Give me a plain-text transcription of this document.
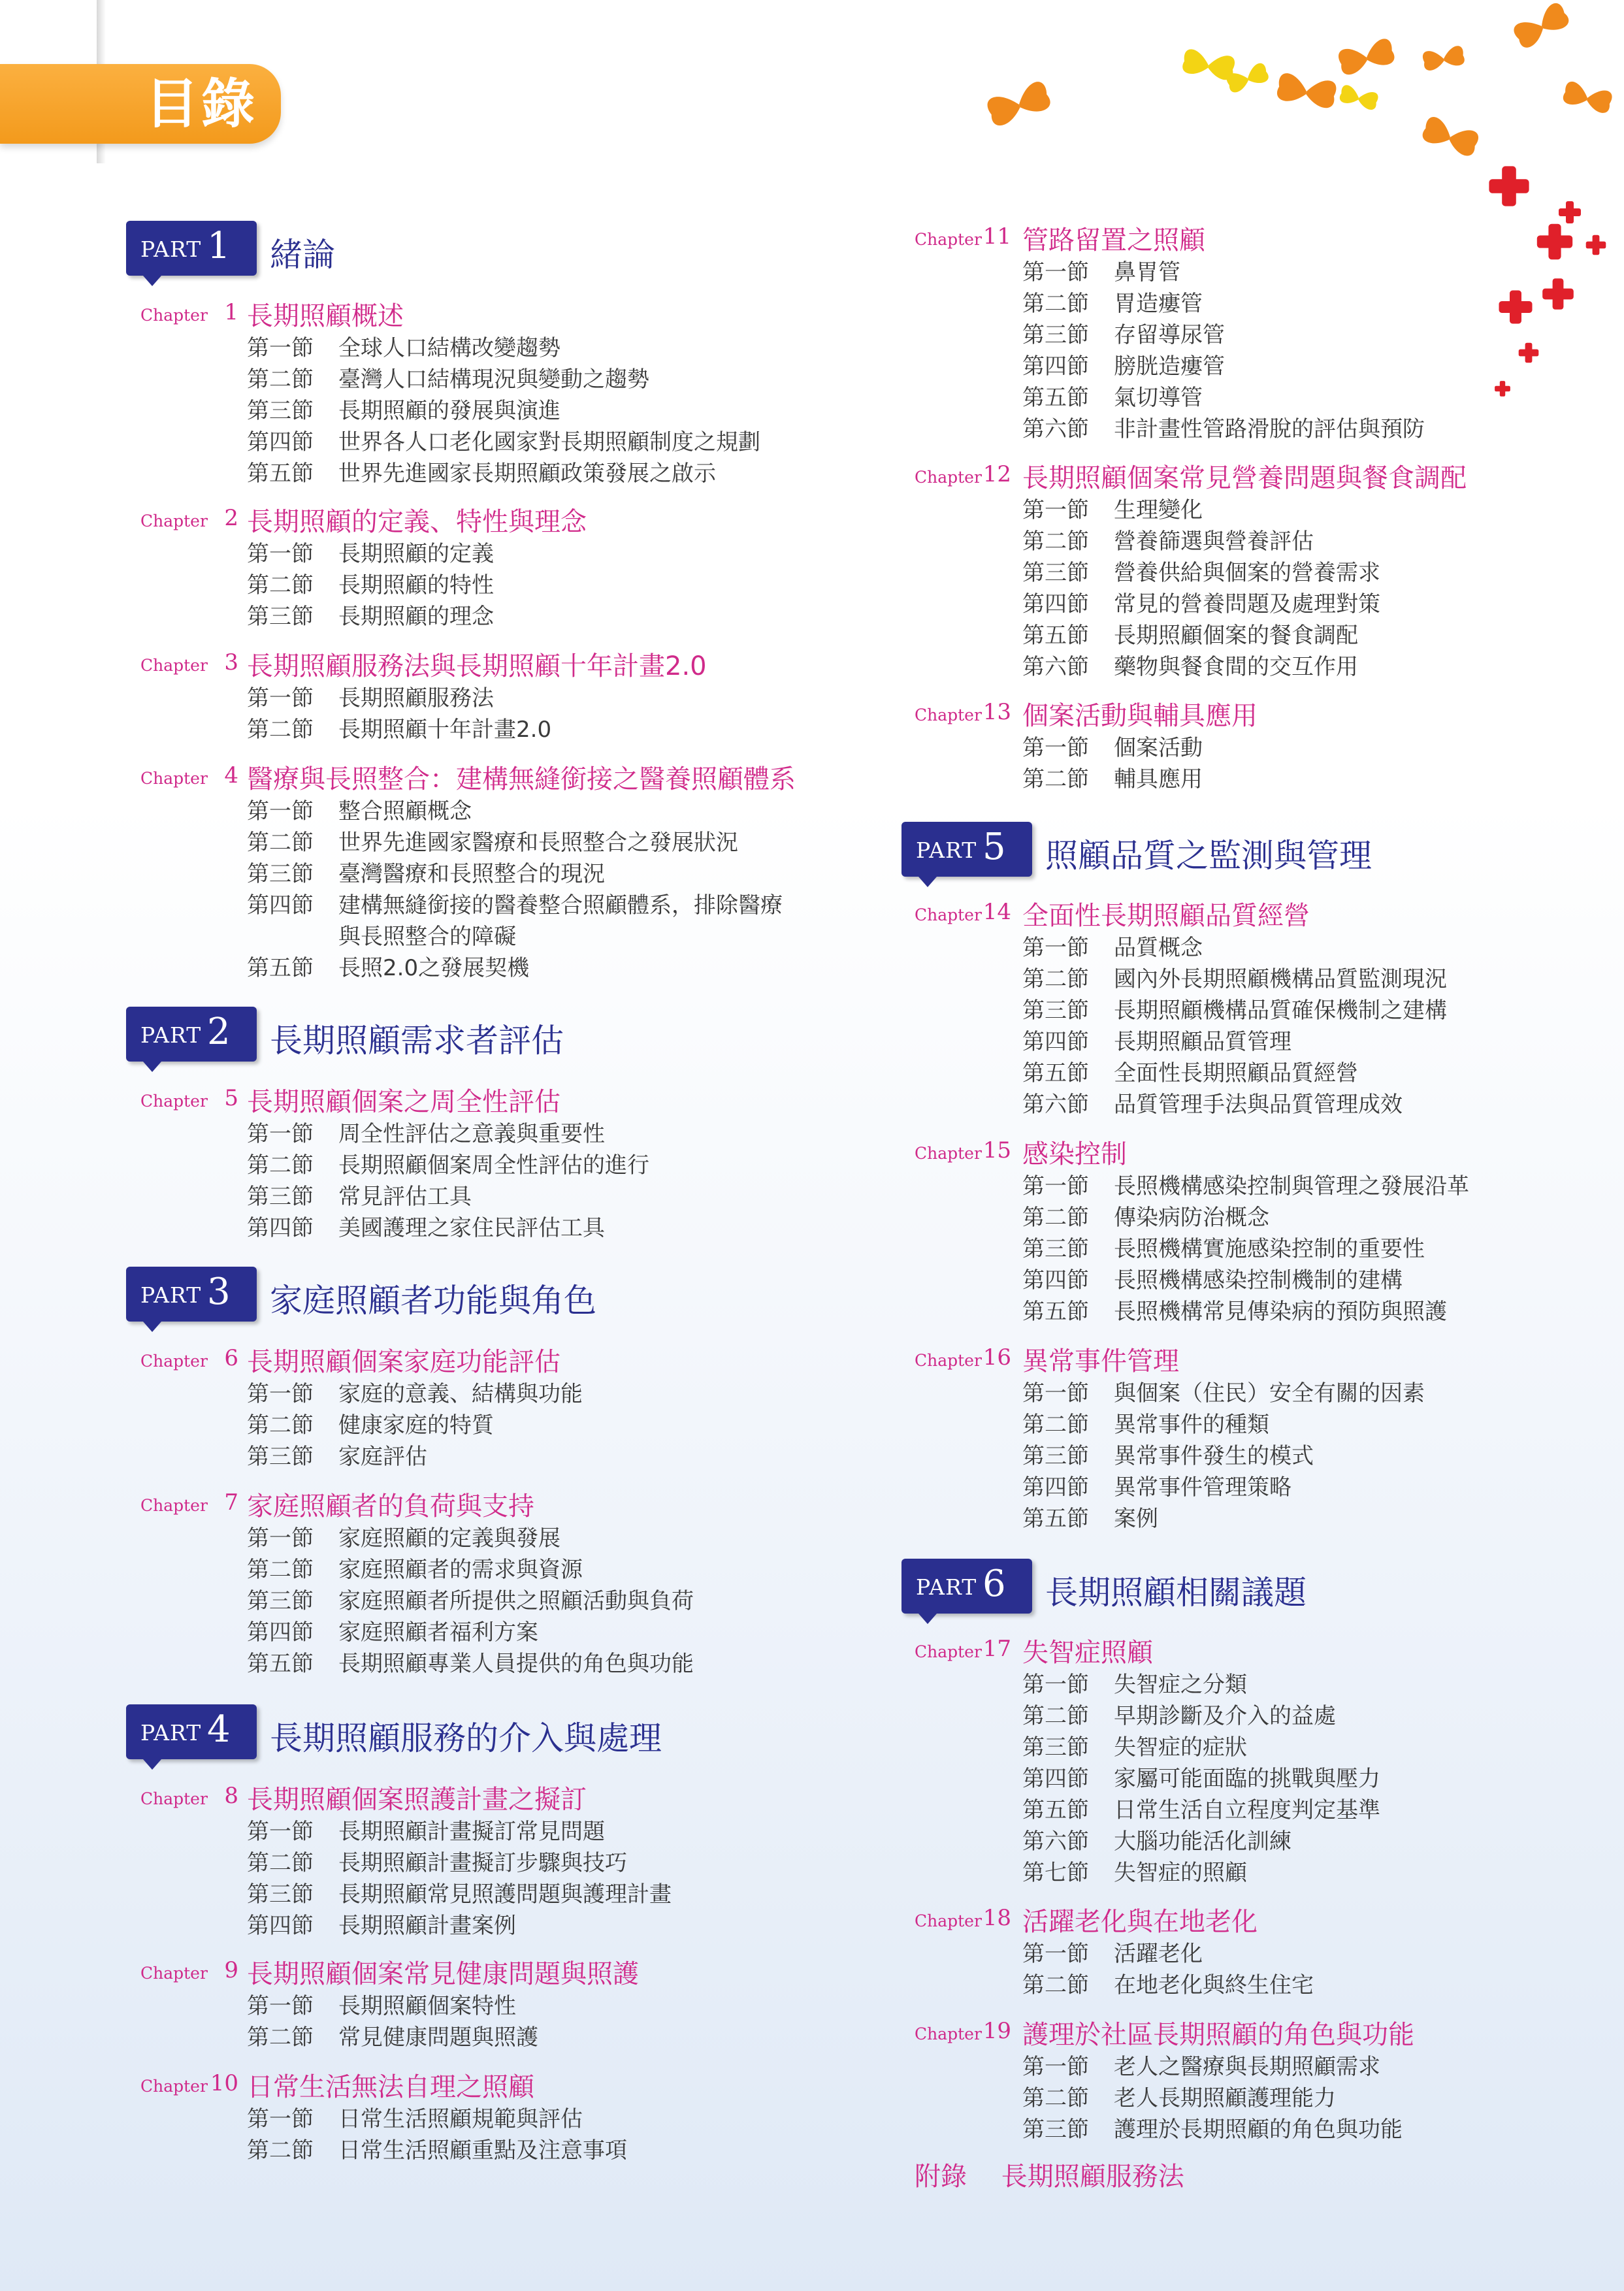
目錄
PART 1 緒論
Chapter 1 長期照顧概述
第一節 全球人口結構改變趨勢
第二節 臺灣人口結構現況與變動之趨勢
第三節 長期照顧的發展與演進
第四節 世界各人口老化國家對長期照顧制度之規劃
第五節 世界先進國家長期照顧政策發展之啟示
Chapter 2 長期照顧的定義、特性與理念
第一節 長期照顧的定義
第二節 長期照顧的特性
第三節 長期照顧的理念
Chapter 3 長期照顧服務法與長期照顧十年計畫2.0
第一節 長期照顧服務法
第二節 長期照顧十年計畫2.0
Chapter 4 醫療與長照整合：建構無縫銜接之醫養照顧體系
第一節 整合照顧概念
第二節 世界先進國家醫療和長照整合之發展狀況
第三節 臺灣醫療和長照整合的現況
第四節 建構無縫銜接的醫養整合照顧體系，排除醫療
與長照整合的障礙
第五節 長照2.0之發展契機
PART 2 長期照顧需求者評估
Chapter 5 長期照顧個案之周全性評估
第一節 周全性評估之意義與重要性
第二節 長期照顧個案周全性評估的進行
第三節 常見評估工具
第四節 美國護理之家住民評估工具
PART 3 家庭照顧者功能與角色
Chapter 6 長期照顧個案家庭功能評估
第一節 家庭的意義、結構與功能
第二節 健康家庭的特質
第三節 家庭評估
Chapter 7 家庭照顧者的負荷與支持
第一節 家庭照顧的定義與發展
第二節 家庭照顧者的需求與資源
第三節 家庭照顧者所提供之照顧活動與負荷
第四節 家庭照顧者福利方案
第五節 長期照顧專業人員提供的角色與功能
PART 4 長期照顧服務的介入與處理
Chapter 8 長期照顧個案照護計畫之擬訂
第一節 長期照顧計畫擬訂常見問題
第二節 長期照顧計畫擬訂步驟與技巧
第三節 長期照顧常見照護問題與護理計畫
第四節 長期照顧計畫案例
Chapter 9 長期照顧個案常見健康問題與照護
第一節 長期照顧個案特性
第二節 常見健康問題與照護
Chapter 10 日常生活無法自理之照顧
第一節 日常生活照顧規範與評估
第二節 日常生活照顧重點及注意事項
Chapter 11 管路留置之照顧
第一節 鼻胃管
第二節 胃造瘻管
第三節 存留導尿管
第四節 膀胱造瘻管
第五節 氣切導管
第六節 非計畫性管路滑脫的評估與預防
Chapter 12 長期照顧個案常見營養問題與餐食調配
第一節 生理變化
第二節 營養篩選與營養評估
第三節 營養供給與個案的營養需求
第四節 常見的營養問題及處理對策
第五節 長期照顧個案的餐食調配
第六節 藥物與餐食間的交互作用
Chapter 13 個案活動與輔具應用
第一節 個案活動
第二節 輔具應用
PART 5 照顧品質之監測與管理
Chapter 14 全面性長期照顧品質經營
第一節 品質概念
第二節 國內外長期照顧機構品質監測現況
第三節 長期照顧機構品質確保機制之建構
第四節 長期照顧品質管理
第五節 全面性長期照顧品質經營
第六節 品質管理手法與品質管理成效
Chapter 15 感染控制
第一節 長照機構感染控制與管理之發展沿革
第二節 傳染病防治概念
第三節 長照機構實施感染控制的重要性
第四節 長照機構感染控制機制的建構
第五節 長照機構常見傳染病的預防與照護
Chapter 16 異常事件管理
第一節 與個案（住民）安全有關的因素
第二節 異常事件的種類
第三節 異常事件發生的模式
第四節 異常事件管理策略
第五節 案例
PART 6 長期照顧相關議題
Chapter 17 失智症照顧
第一節 失智症之分類
第二節 早期診斷及介入的益處
第三節 失智症的症狀
第四節 家屬可能面臨的挑戰與壓力
第五節 日常生活自立程度判定基準
第六節 大腦功能活化訓練
第七節 失智症的照顧
Chapter 18 活躍老化與在地老化
第一節 活躍老化
第二節 在地老化與終生住宅
Chapter 19 護理於社區長期照顧的角色與功能
第一節 老人之醫療與長期照顧需求
第二節 老人長期照顧護理能力
第三節 護理於長期照顧的角色與功能
附錄 長期照顧服務法
